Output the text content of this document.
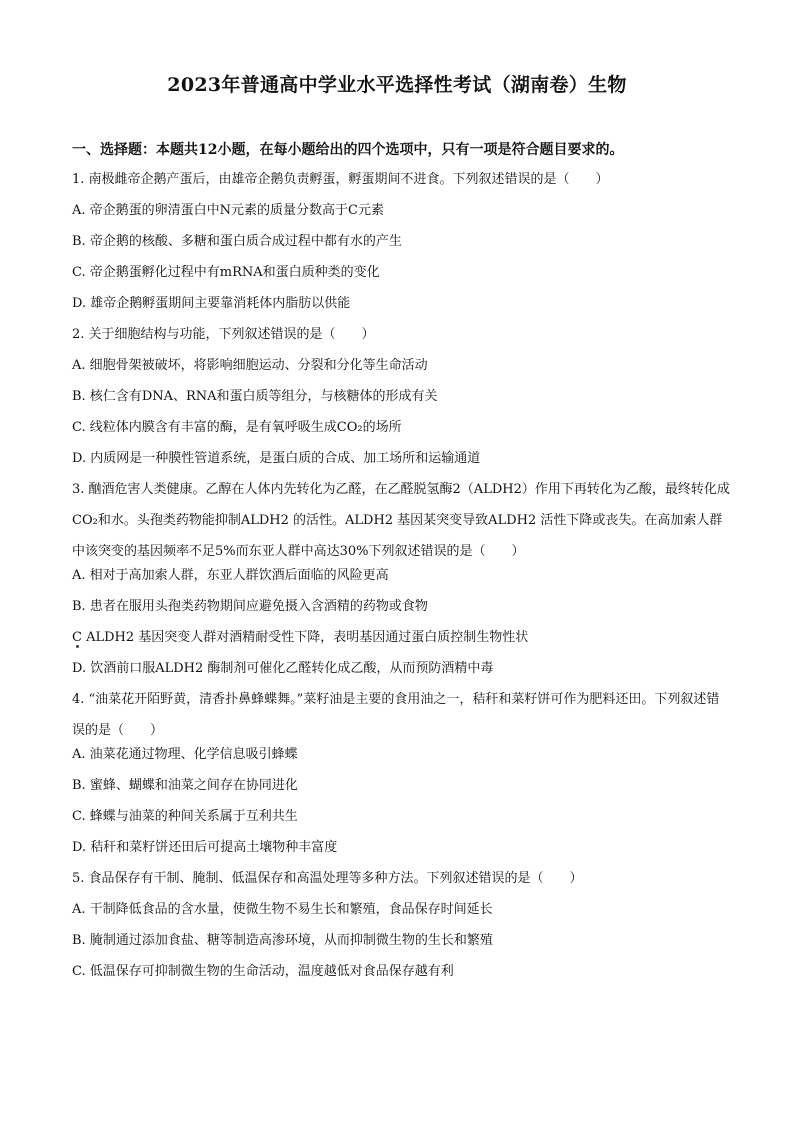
2023年普通高中学业水平选择性考试（湖南卷）生物
一、选择题：本题共12小题，在每小题给出的四个选项中，只有一项是符合题目要求的。
1. 南极雌帝企鹅产蛋后，由雄帝企鹅负责孵蛋，孵蛋期间不进食。下列叙述错误的是（　　）
A. 帝企鹅蛋的卵清蛋白中N元素的质量分数高于C元素
B. 帝企鹅的核酸、多糖和蛋白质合成过程中都有水的产生
C. 帝企鹅蛋孵化过程中有mRNA和蛋白质种类的变化
D. 雄帝企鹅孵蛋期间主要靠消耗体内脂肪以供能
2. 关于细胞结构与功能，下列叙述错误的是（　　）
A. 细胞骨架被破坏，将影响细胞运动、分裂和分化等生命活动
B. 核仁含有DNA、RNA和蛋白质等组分，与核糖体的形成有关
C. 线粒体内膜含有丰富的酶，是有氧呼吸生成CO₂的场所
D. 内质网是一种膜性管道系统，是蛋白质的合成、加工场所和运输通道
3. 酗酒危害人类健康。乙醇在人体内先转化为乙醛，在乙醛脱氢酶2（ALDH2）作用下再转化为乙酸，最终转化成CO₂和水。头孢类药物能抑制ALDH2 的活性。ALDH2 基因某突变导致ALDH2 活性下降或丧失。在高加索人群中该突变的基因频率不足5%而东亚人群中高达30%下列叙述错误的是（　　）
A. 相对于高加索人群，东亚人群饮酒后面临的风险更高
B. 患者在服用头孢类药物期间应避免摄入含酒精的药物或食物
C ALDH2 基因突变人群对酒精耐受性下降，表明基因通过蛋白质控制生物性状
D. 饮酒前口服ALDH2 酶制剂可催化乙醛转化成乙酸，从而预防酒精中毒
4. “油菜花开陌野黄，清香扑鼻蜂蝶舞。”菜籽油是主要的食用油之一，秸秆和菜籽饼可作为肥料还田。下列叙述错误的是（　　）
A. 油菜花通过物理、化学信息吸引蜂蝶
B. 蜜蜂、蝴蝶和油菜之间存在协同进化
C. 蜂蝶与油菜的种间关系属于互利共生
D. 秸秆和菜籽饼还田后可提高土壤物种丰富度
5. 食品保存有干制、腌制、低温保存和高温处理等多种方法。下列叙述错误的是（　　）
A. 干制降低食品的含水量，使微生物不易生长和繁殖，食品保存时间延长
B. 腌制通过添加食盐、糖等制造高渗环境，从而抑制微生物的生长和繁殖
C. 低温保存可抑制微生物的生命活动，温度越低对食品保存越有利
